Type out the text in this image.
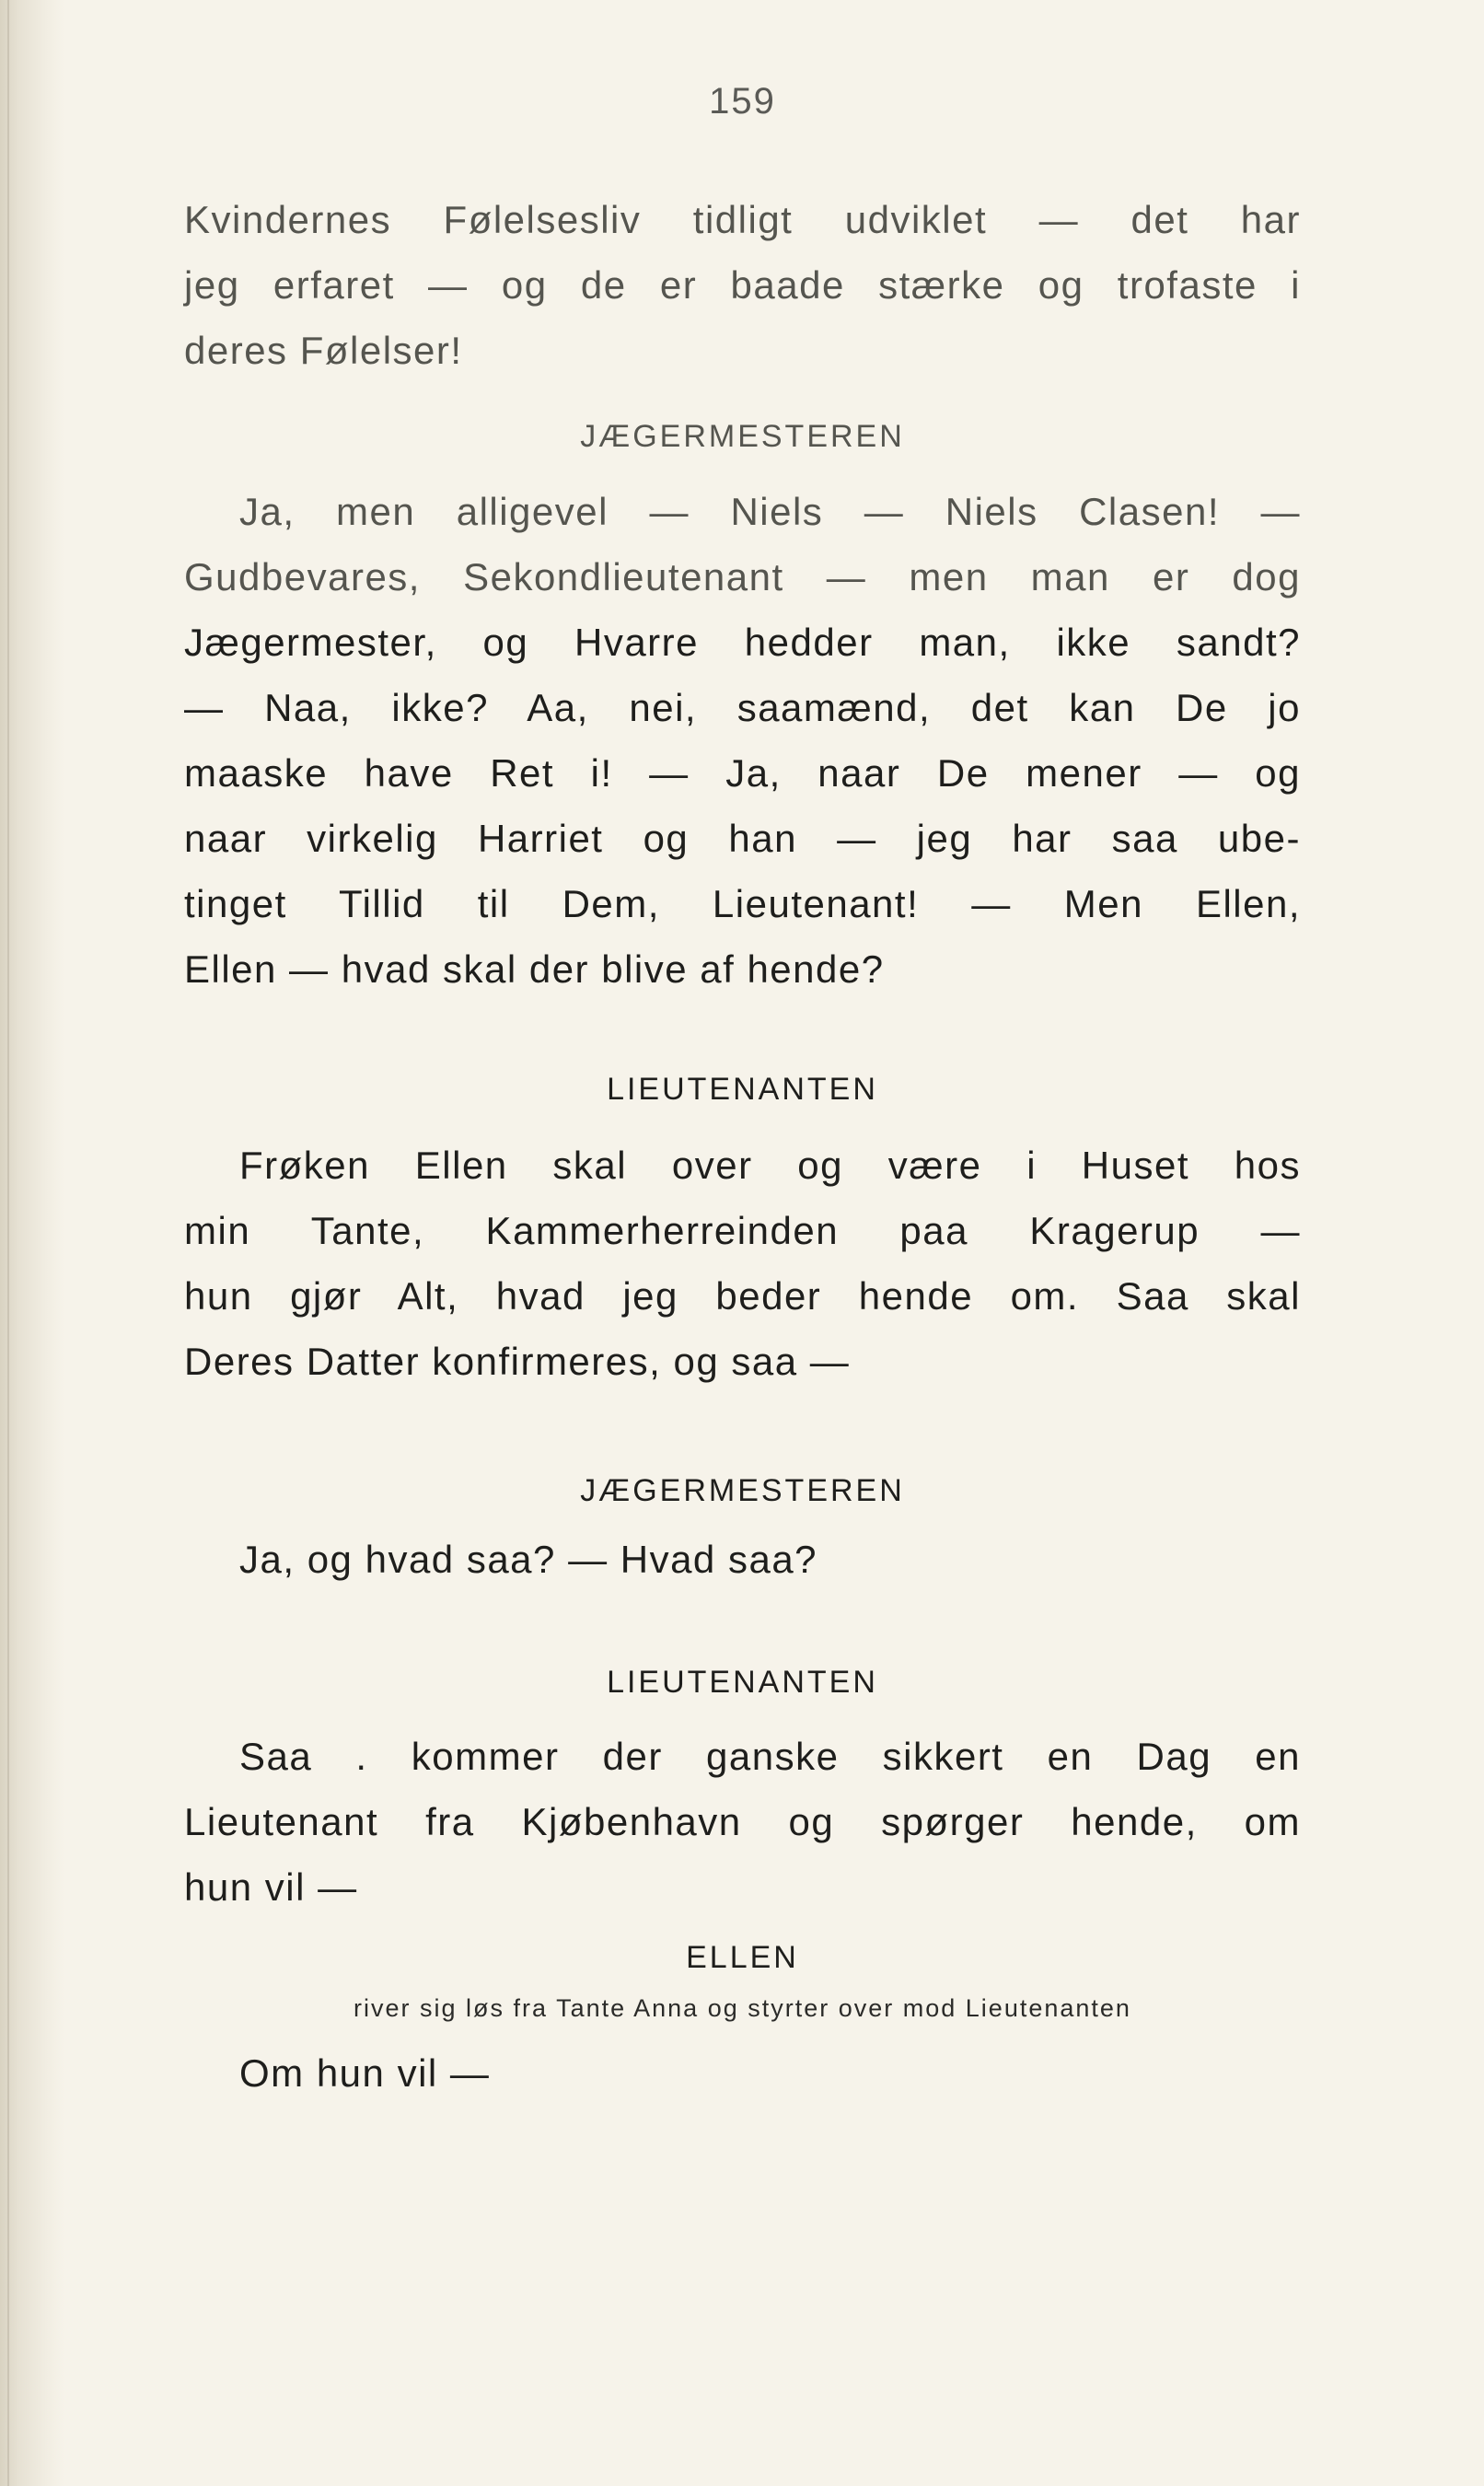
159
Kvindernes Følelsesliv tidligt udviklet — det har
jeg erfaret — og de er baade stærke og trofaste i
deres Følelser!
JÆGERMESTEREN
Ja, men alligevel — Niels — Niels Clasen! —
Gudbevares, Sekondlieutenant — men man er dog
Jægermester, og Hvarre hedder man, ikke sandt?
— Naa, ikke? Aa, nei, saamænd, det kan De jo
maaske have Ret i! — Ja, naar De mener — og
naar virkelig Harriet og han — jeg har saa ube-
tinget Tillid til Dem, Lieutenant! — Men Ellen,
Ellen — hvad skal der blive af hende?
LIEUTENANTEN
Frøken Ellen skal over og være i Huset hos
min Tante, Kammerherreinden paa Kragerup —
hun gjør Alt, hvad jeg beder hende om. Saa skal
Deres Datter konfirmeres, og saa —
JÆGERMESTEREN
Ja, og hvad saa? — Hvad saa?
LIEUTENANTEN
Saa . kommer der ganske sikkert en Dag en
Lieutenant fra Kjøbenhavn og spørger hende, om
hun vil —
ELLEN
river sig løs fra Tante Anna og styrter over mod Lieutenanten
Om hun vil —
